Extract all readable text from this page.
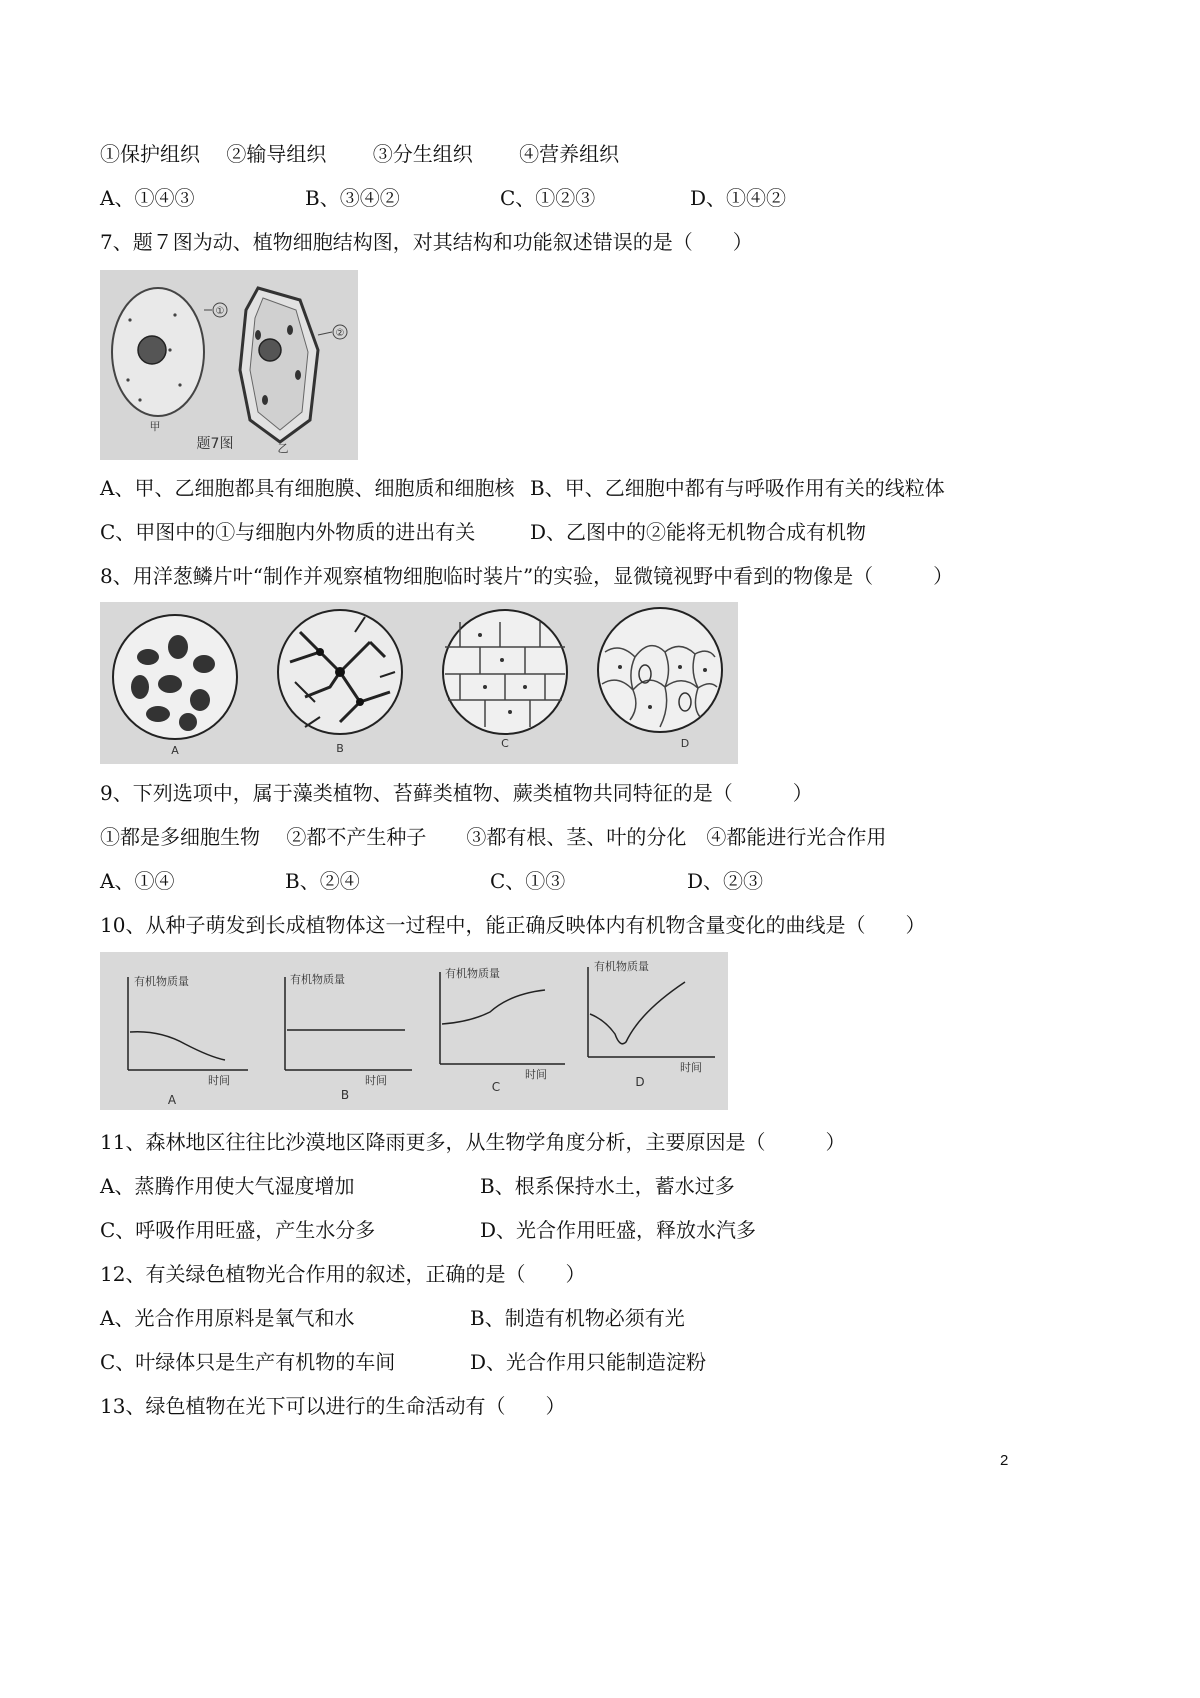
①保护组织　 ②输导组织　　 ③分生组织　　 ④营养组织
A、①④③	B、③④②	C、①②③	D、①④②
7、题７图为动、植物细胞结构图，对其结构和功能叙述错误的是（　　）
①
②
甲
乙
题7图
A、甲、乙细胞都具有细胞膜、细胞质和细胞核 B、甲、乙细胞中都有与呼吸作用有关的线粒体
C、甲图中的①与细胞内外物质的进出有关	D、乙图中的②能将无机物合成有机物
8、用洋葱鳞片叶“制作并观察植物细胞临时装片”的实验，显微镜视野中看到的物像是（　　　）
A	B	C	D
9、下列选项中，属于藻类植物、苔藓类植物、蕨类植物共同特征的是（　　　）
①都是多细胞生物　 ②都不产生种子　　③都有根、茎、叶的分化　④都能进行光合作用
A、①④	B、②④	C、①③	D、②③
10、从种子萌发到长成植物体这一过程中，能正确反映体内有机物含量变化的曲线是（　　）
有机物质量	有机物质量	有机物质量
有机物质量
时间	时间	时间
时间
A	B
C	D
11、森林地区往往比沙漠地区降雨更多，从生物学角度分析，主要原因是（　　　）
A、蒸腾作用使大气湿度增加	B、根系保持水土，蓄水过多
C、呼吸作用旺盛，产生水分多	D、光合作用旺盛，释放水汽多
12、有关绿色植物光合作用的叙述，正确的是（　　）
A、光合作用原料是氧气和水	B、制造有机物必须有光
C、叶绿体只是生产有机物的车间	D、光合作用只能制造淀粉
13、绿色植物在光下可以进行的生命活动有（　　）
2
